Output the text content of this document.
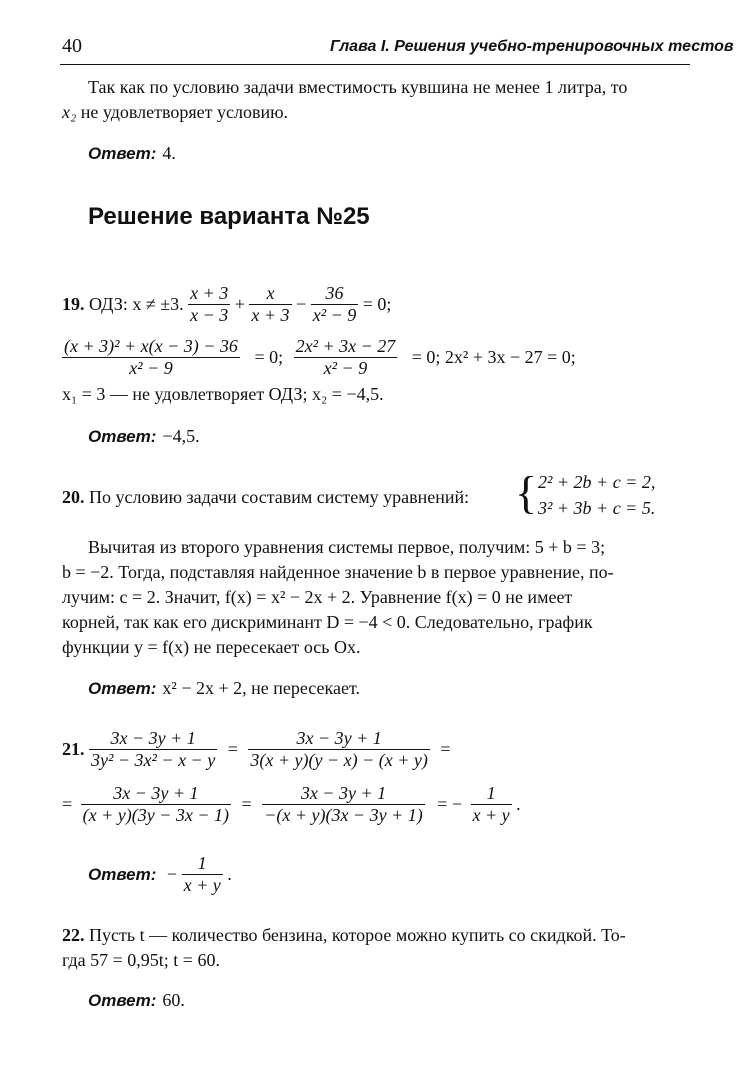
40	Глава I. Решения учебно-тренировочных тестов
Так как по условию задачи вместимость кувшина не менее 1 литра, то
x₂ не удовлетворяет условию.
Ответ: 4.
Решение варианта №25
19. ОДЗ: x ≠ ±3. $\frac{x + 3}{x - 3} + \frac{x}{x + 3} - \frac{36}{\text{x² − 9}} = 0$;
$\frac{\text{(x + 3)² + x(x − 3) − 36}}{\text{x² − 9}} = 0$; $\frac{\text{2x² + 3x − 27}}{\text{x² − 9}} = 0$; 2x² + 3x − 27 = 0;
x₁ = 3 — не удовлетворяет ОДЗ; x₂ = −4,5.
Ответ: −4,5.
20. По условию задачи составим систему уравнений: { 2² + 2b + c = 2,
3² + 3b + c = 5.
Вычитая из второго уравнения системы первое, получим: 5 + b = 3;
b = −2. Тогда, подставляя найденное значение b в первое уравнение, по-
лучим: c = 2. Значит, f(x) = x² − 2x + 2. Уравнение f(x) = 0 не имеет
корней, так как его дискриминант D = −4 < 0. Следовательно, график
функции y = f(x) не пересекает ось Ox.
Ответ: x² − 2x + 2, не пересекает.
21. $\frac{3x - 3y + 1}{\text{3y² − 3x² − x − y}} = \frac{3x - 3y + 1}{3(x + y)(y - x) - (x + y)}$ =
= $\frac{3x - 3y + 1}{(x + y)(3y - 3x - 1)} = \frac{3x - 3y + 1}{-(x + y)(3x - 3y + 1)}$ = − $\frac{1}{x + y}$ .
Ответ: − $\frac{1}{x + y}$ .
22. Пусть t — количество бензина, которое можно купить со скидкой. То-
гда 57 = 0,95t; t = 60.
Ответ: 60.
